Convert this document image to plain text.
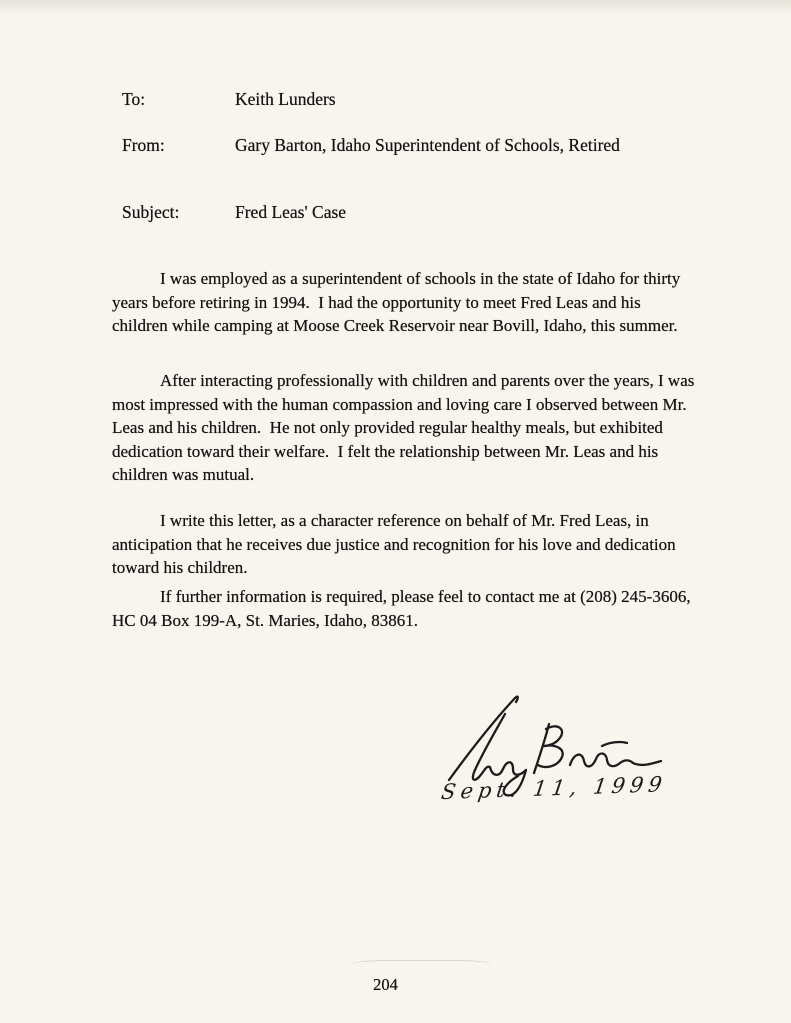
To:	Keith Lunders
From:	Gary Barton, Idaho Superintendent of Schools, Retired
Subject:	Fred Leas' Case

I was employed as a superintendent of schools in the state of Idaho for thirty years before retiring in 1994.  I had the opportunity to meet Fred Leas and his children while camping at Moose Creek Reservoir near Bovill, Idaho, this summer.

After interacting professionally with children and parents over the years, I was most impressed with the human compassion and loving care I observed between Mr. Leas and his children.  He not only provided regular healthy meals, but exhibited dedication toward their welfare.  I felt the relationship between Mr. Leas and his children was mutual.

I write this letter, as a character reference on behalf of Mr. Fred Leas, in anticipation that he receives due justice and recognition for his love and dedication toward his children.

If further information is required, please feel to contact me at (208) 245-3606, HC 04 Box 199-A, St. Maries, Idaho, 83861.

Sept. 11, 1999
204
